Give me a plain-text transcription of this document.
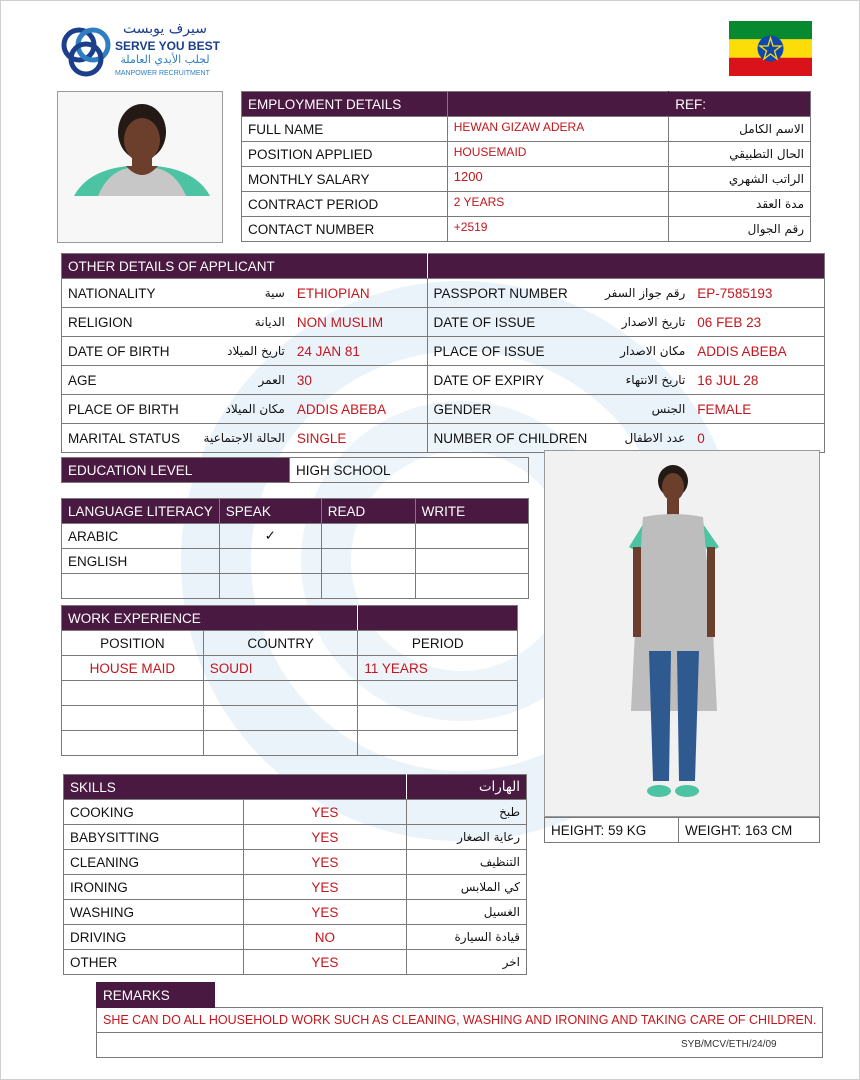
سيرف يوبست
SERVE YOU BEST
لجلب الأيدي العاملة
MANPOWER RECRUITMENT
EMPLOYMENT DETAILS		REF:
FULL NAME	HEWAN GIZAW ADERA	الاسم الكامل
POSITION APPLIED	HOUSEMAID	الحال التطبيقي
MONTHLY SALARY	1200	الراتب الشهري
CONTRACT PERIOD	2 YEARS	مدة العقد
CONTACT NUMBER	+2519	رقم الجوال
OTHER DETAILS OF APPLICANT					
NATIONALITY	سية	ETHIOPIAN	PASSPORT NUMBER	رقم جواز السفر	EP-7585193
RELIGION	الديانة	NON MUSLIM	DATE OF ISSUE	تاريخ الاصدار	06 FEB 23
DATE OF BIRTH	تاريخ الميلاد	24 JAN 81	PLACE OF ISSUE	مكان الاصدار	ADDIS ABEBA
AGE	العمر	30	DATE OF EXPIRY	تاريخ الانتهاء	16 JUL 28
PLACE OF BIRTH	مكان الميلاد	ADDIS ABEBA	GENDER	الجنس	FEMALE
MARITAL STATUS	الحالة الاجتماعية	SINGLE	NUMBER OF CHILDREN	عدد الاطفال	0
EDUCATION LEVEL	HIGH SCHOOL
LANGUAGE LITERACY	SPEAK	READ	WRITE
ARABIC	✓		
ENGLISH			

WORK EXPERIENCE		
POSITION	COUNTRY	PERIOD
HOUSE MAID	SOUDI	11 YEARS

SKILLS		الهارات
COOKING	YES	طبخ
BABYSITTING	YES	رعاية الصغار
CLEANING	YES	التنظيف
IRONING	YES	كي الملابس
WASHING	YES	الغسيل
DRIVING	NO	قيادة السيارة
OTHER	YES	اخر
HEIGHT: 59 KG	WEIGHT: 163 CM
REMARKS	
SHE CAN DO ALL HOUSEHOLD WORK SUCH AS CLEANING, WASHING AND IRONING AND TAKING CARE OF CHILDREN.

SYB/MCV/ETH/24/09
